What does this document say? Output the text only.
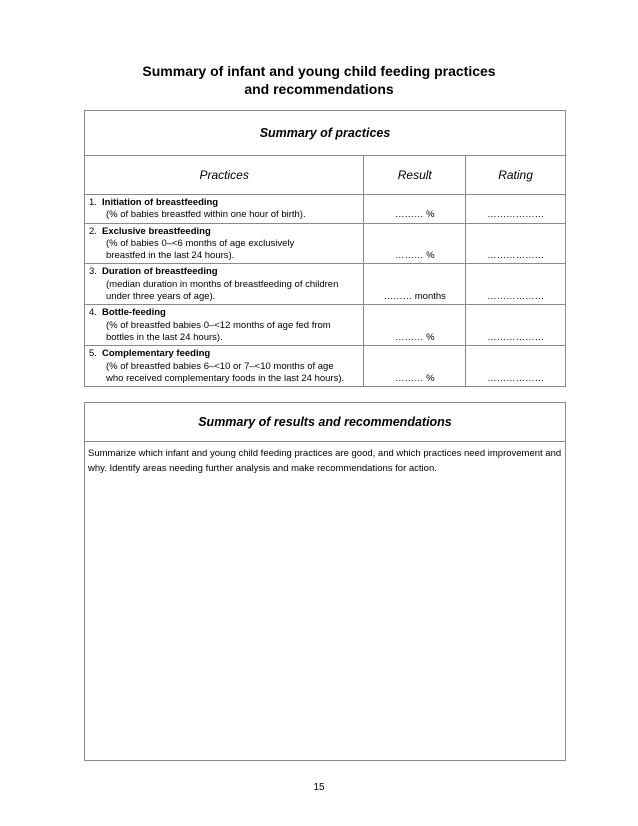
Summary of infant and young child feeding practices
and recommendations
Summary of practices		
Practices	Result	Rating

1. Initiation of breastfeeding
(% of babies breastfed within one hour of birth).	……… %	………………

2. Exclusive breastfeeding
(% of babies 0–<6 months of age exclusively breastfed in the last 24 hours).	……… %	………………

3. Duration of breastfeeding
(median duration in months of breastfeeding of children under three years of age).	……… months	………………

4. Bottle-feeding
(% of breastfed babies 0–<12 months of age fed from bottles in the last 24 hours).	……… %	………………

5. Complementary feeding
(% of breastfed babies 6–<10 or 7–<10 months of age who received complementary foods in the last 24 hours).	……… %	………………
Summary of results and recommendations
Summarize which infant and young child feeding practices are good, and which practices need improvement and why. Identify areas needing further analysis and make recommendations for action.
15
